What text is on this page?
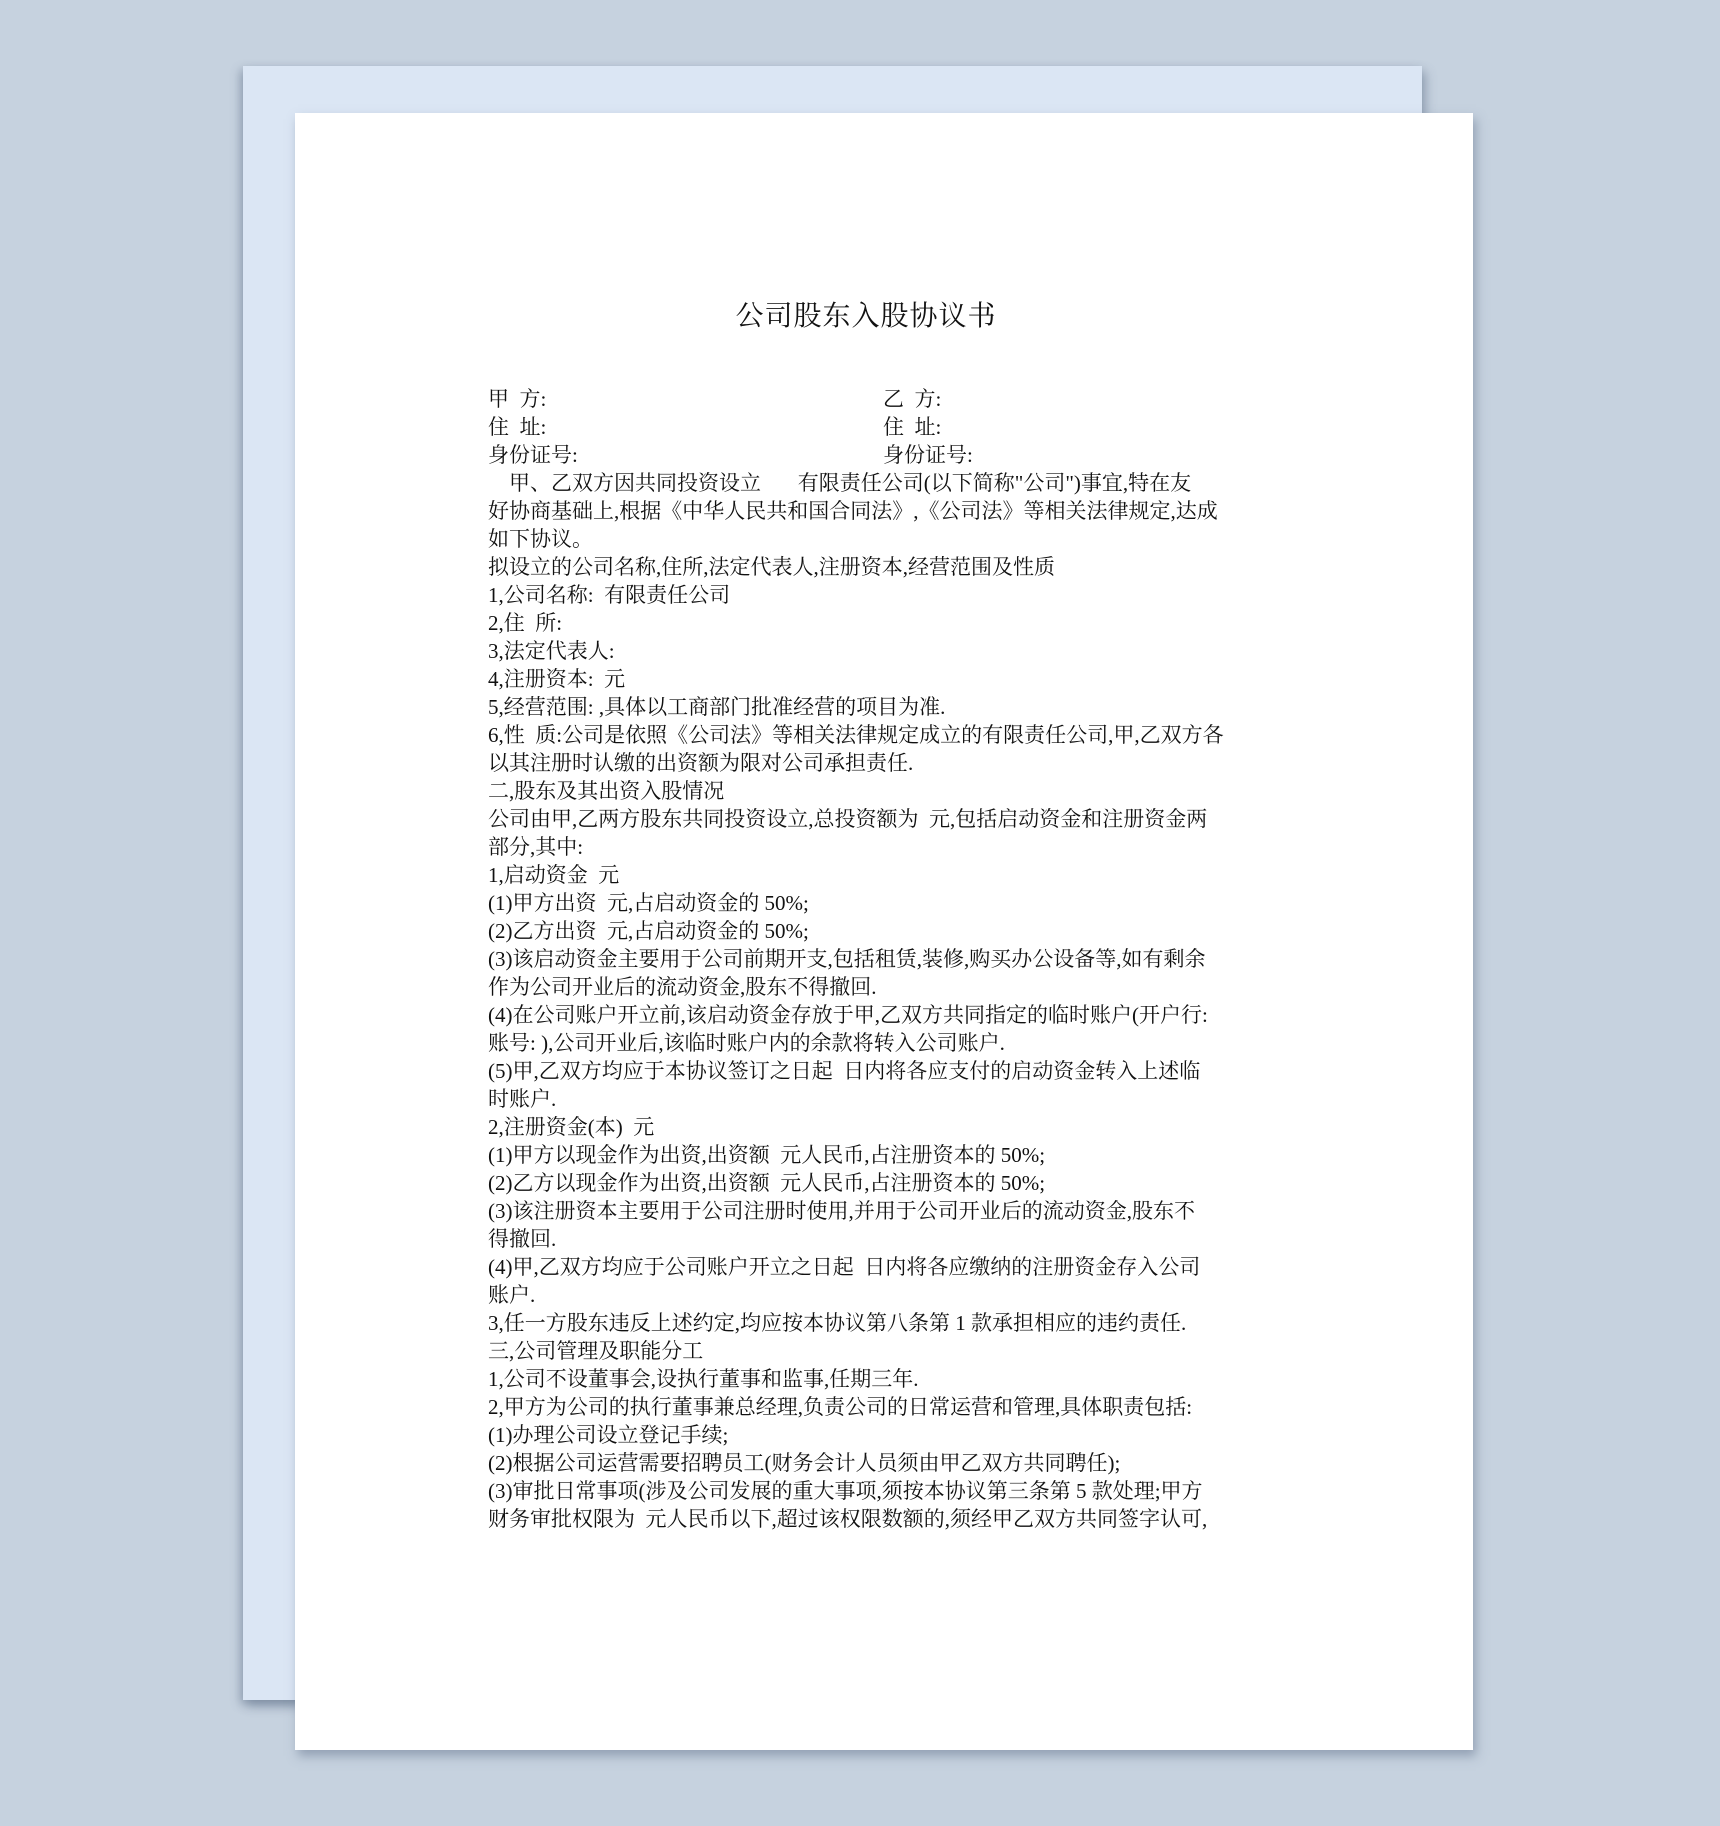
公司股东入股协议书
甲  方:	乙  方:
住  址:	住  址:
身份证号:	身份证号:
甲、乙双方因共同投资设立       有限责任公司(以下简称"公司")事宜,特在友
好协商基础上,根据《中华人民共和国合同法》,《公司法》等相关法律规定,达成
如下协议。
拟设立的公司名称,住所,法定代表人,注册资本,经营范围及性质
1,公司名称:  有限责任公司
2,住  所:
3,法定代表人:
4,注册资本:  元
5,经营范围: ,具体以工商部门批准经营的项目为准.
6,性  质:公司是依照《公司法》等相关法律规定成立的有限责任公司,甲,乙双方各
以其注册时认缴的出资额为限对公司承担责任.
二,股东及其出资入股情况
公司由甲,乙两方股东共同投资设立,总投资额为  元,包括启动资金和注册资金两
部分,其中:
1,启动资金  元
(1)甲方出资  元,占启动资金的 50%;
(2)乙方出资  元,占启动资金的 50%;
(3)该启动资金主要用于公司前期开支,包括租赁,装修,购买办公设备等,如有剩余
作为公司开业后的流动资金,股东不得撤回.
(4)在公司账户开立前,该启动资金存放于甲,乙双方共同指定的临时账户(开户行:
账号: ),公司开业后,该临时账户内的余款将转入公司账户.
(5)甲,乙双方均应于本协议签订之日起  日内将各应支付的启动资金转入上述临
时账户.
2,注册资金(本)  元
(1)甲方以现金作为出资,出资额  元人民币,占注册资本的 50%;
(2)乙方以现金作为出资,出资额  元人民币,占注册资本的 50%;
(3)该注册资本主要用于公司注册时使用,并用于公司开业后的流动资金,股东不
得撤回.
(4)甲,乙双方均应于公司账户开立之日起  日内将各应缴纳的注册资金存入公司
账户.
3,任一方股东违反上述约定,均应按本协议第八条第 1 款承担相应的违约责任.
三,公司管理及职能分工
1,公司不设董事会,设执行董事和监事,任期三年.
2,甲方为公司的执行董事兼总经理,负责公司的日常运营和管理,具体职责包括:
(1)办理公司设立登记手续;
(2)根据公司运营需要招聘员工(财务会计人员须由甲乙双方共同聘任);
(3)审批日常事项(涉及公司发展的重大事项,须按本协议第三条第 5 款处理;甲方
财务审批权限为  元人民币以下,超过该权限数额的,须经甲乙双方共同签字认可,
